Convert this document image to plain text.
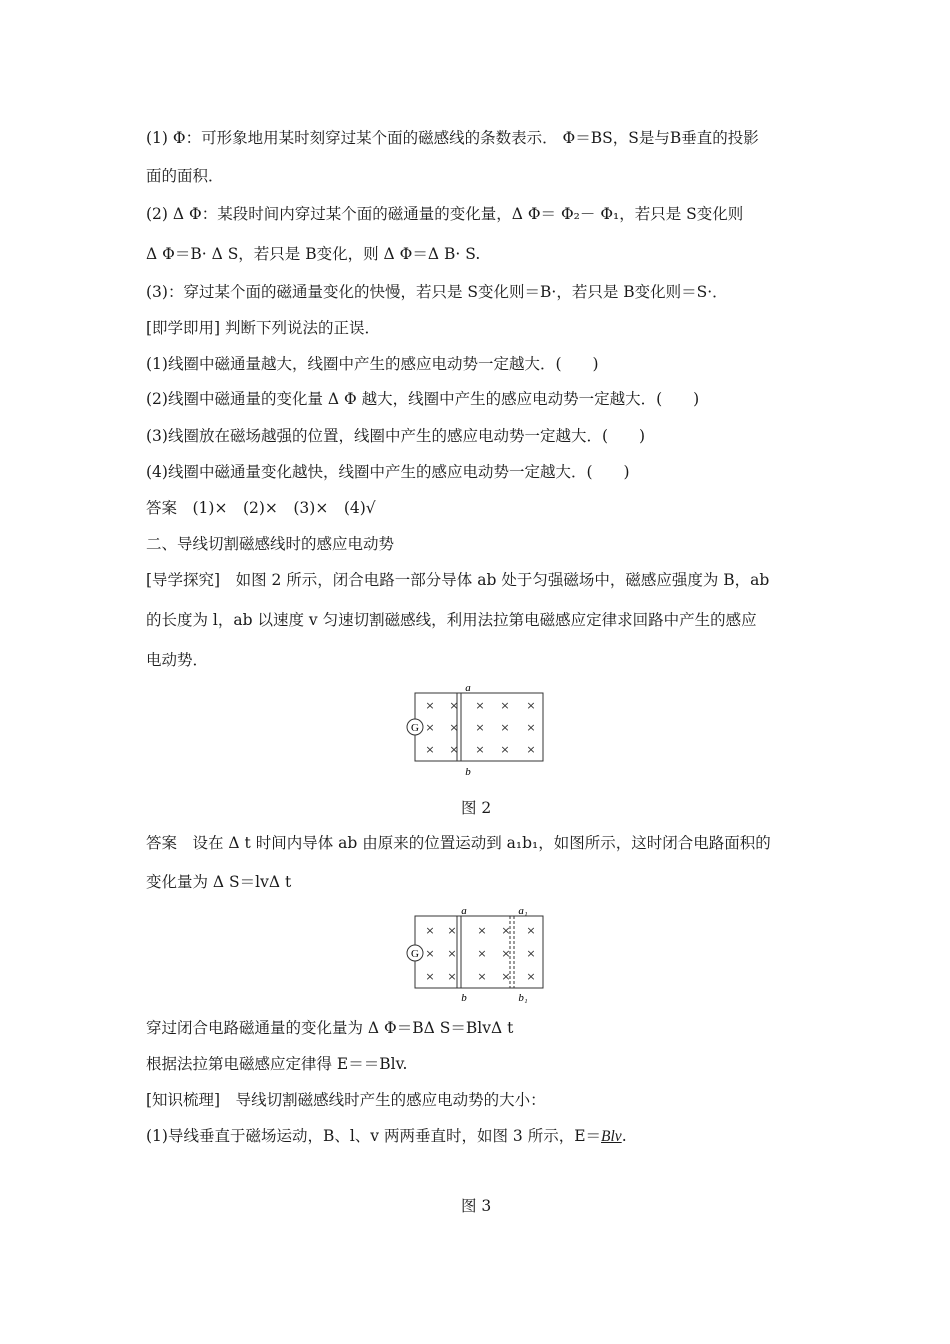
(1) Φ：可形象地用某时刻穿过某个面的磁感线的条数表示． Φ＝BS，S是与B垂直的投影
面的面积．
(2) Δ Φ：某段时间内穿过某个面的磁通量的变化量，Δ Φ＝ Φ₂－ Φ₁，若只是 S变化则
Δ Φ＝B· Δ S，若只是 B变化，则 Δ Φ＝Δ B· S.
(3)：穿过某个面的磁通量变化的快慢，若只是 S变化则＝B·，若只是 B变化则＝S·．
[即学即用] 判断下列说法的正误．
(1)线圈中磁通量越大，线圈中产生的感应电动势一定越大．(　　)
(2)线圈中磁通量的变化量 Δ Φ 越大，线圈中产生的感应电动势一定越大．(　　)
(3)线圈放在磁场越强的位置，线圈中产生的感应电动势一定越大．(　　)
(4)线圈中磁通量变化越快，线圈中产生的感应电动势一定越大．(　　)
答案　(1)×　(2)×　(3)×　(4)√
二、导线切割磁感线时的感应电动势
[导学探究]　如图 2 所示，闭合电路一部分导体 ab 处于匀强磁场中，磁感应强度为 B，ab
的长度为 l，ab 以速度 v 匀速切割磁感线，利用法拉第电磁感应定律求回路中产生的感应
电动势．
G
a
b
× × × × ×
× × × × ×
× × × × ×
图 2
答案　设在 Δ t 时间内导体 ab 由原来的位置运动到 a₁b₁，如图所示，这时闭合电路面积的
变化量为 Δ S＝lvΔ t
G
a
b
a₁
b₁
× × × × ×
× × × × ×
× × × × ×
穿过闭合电路磁通量的变化量为 Δ Φ＝BΔ S＝BlvΔ t
根据法拉第电磁感应定律得 E＝＝Blv.
[知识梳理]　导线切割磁感线时产生的感应电动势的大小：
(1)导线垂直于磁场运动，B、l、v 两两垂直时，如图 3 所示，E＝Blv.
图 3
